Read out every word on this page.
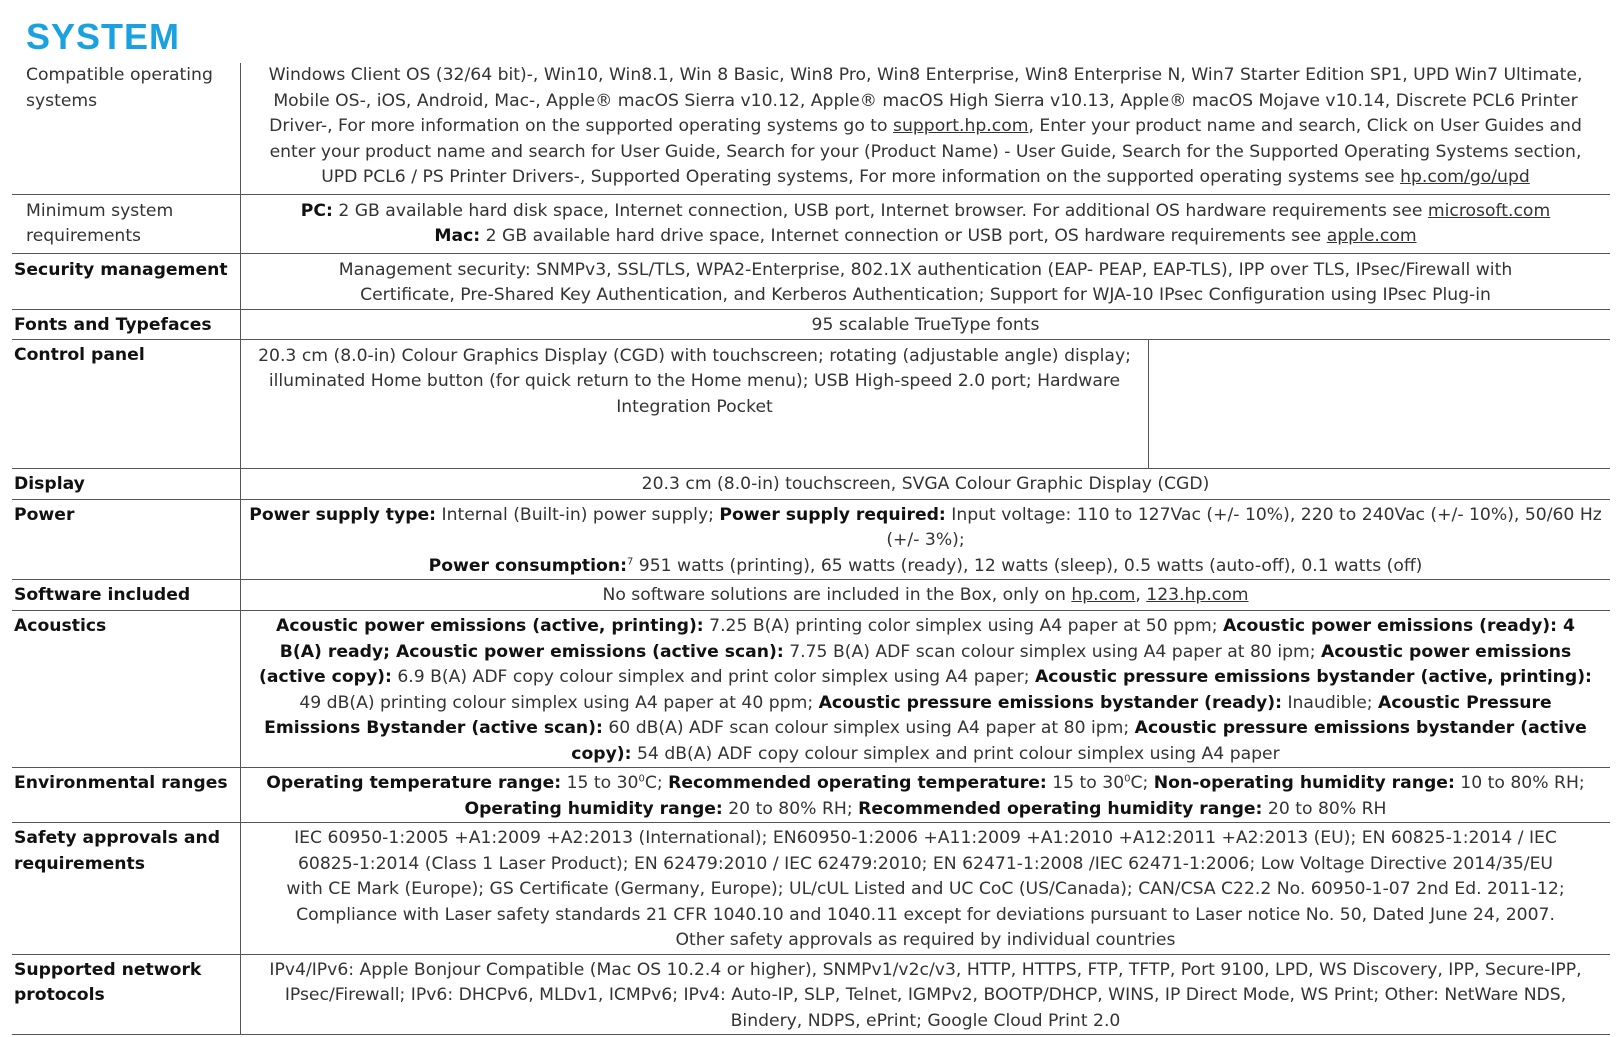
SYSTEM
Compatible operating systems	Windows Client OS (32/64 bit)-, Win10, Win8.1, Win 8 Basic, Win8 Pro, Win8 Enterprise, Win8 Enterprise N, Win7 Starter Edition SP1, UPD Win7 Ultimate, Mobile OS-, iOS, Android, Mac-, Apple® macOS Sierra v10.12, Apple® macOS High Sierra v10.13, Apple® macOS Mojave v10.14, Discrete PCL6 Printer Driver-, For more information on the supported operating systems go to support.hp.com, Enter your product name and search, Click on User Guides and enter your product name and search for User Guide, Search for your (Product Name) - User Guide, Search for the Supported Operating Systems section, UPD PCL6 / PS Printer Drivers-, Supported Operating systems, For more information on the supported operating systems see hp.com/go/upd
Minimum system requirements	PC: 2 GB available hard disk space, Internet connection, USB port, Internet browser. For additional OS hardware requirements see microsoft.com
Mac: 2 GB available hard drive space, Internet connection or USB port, OS hardware requirements see apple.com
Security management	Management security: SNMPv3, SSL/TLS, WPA2-Enterprise, 802.1X authentication (EAP- PEAP, EAP-TLS), IPP over TLS, IPsec/Firewall with Certificate, Pre-Shared Key Authentication, and Kerberos Authentication; Support for WJA-10 IPsec Configuration using IPsec Plug-in
Fonts and Typefaces	95 scalable TrueType fonts
Control panel	20.3 cm (8.0-in) Colour Graphics Display (CGD) with touchscreen; rotating (adjustable angle) display; illuminated Home button (for quick return to the Home menu); USB High-speed 2.0 port; Hardware Integration Pocket

Display	20.3 cm (8.0-in) touchscreen, SVGA Colour Graphic Display (CGD)
Power	Power supply type: Internal (Built-in) power supply; Power supply required: Input voltage: 110 to 127Vac (+/- 10%), 220 to 240Vac (+/- 10%), 50/60 Hz (+/- 3%);
Power consumption:$^7$ 951 watts (printing), 65 watts (ready), 12 watts (sleep), 0.5 watts (auto-off), 0.1 watts (off)
Software included	No software solutions are included in the Box, only on hp.com, 123.hp.com
Acoustics	Acoustic power emissions (active, printing): 7.25 B(A) printing color simplex using A4 paper at 50 ppm; Acoustic power emissions (ready): 4 B(A) ready; Acoustic power emissions (active scan): 7.75 B(A) ADF scan colour simplex using A4 paper at 80 ipm; Acoustic power emissions (active copy): 6.9 B(A) ADF copy colour simplex and print color simplex using A4 paper; Acoustic pressure emissions bystander (active, printing): 49 dB(A) printing colour simplex using A4 paper at 40 ppm; Acoustic pressure emissions bystander (ready): Inaudible; Acoustic Pressure Emissions Bystander (active scan): 60 dB(A) ADF scan colour simplex using A4 paper at 80 ipm; Acoustic pressure emissions bystander (active copy): 54 dB(A) ADF copy colour simplex and print colour simplex using A4 paper
Environmental ranges	Operating temperature range: 15 to $30^0C$; Recommended operating temperature: 15 to $30^0C$; Non-operating humidity range: 10 to 80% RH;
Operating humidity range: 20 to 80% RH; Recommended operating humidity range: 20 to 80% RH
Safety approvals and requirements	IEC 60950-1:2005 +A1:2009 +A2:2013 (International); EN60950-1:2006 +A11:2009 +A1:2010 +A12:2011 +A2:2013 (EU); EN 60825-1:2014 / IEC 60825-1:2014 (Class 1 Laser Product); EN 62479:2010 / IEC 62479:2010; EN 62471-1:2008 /IEC 62471-1:2006; Low Voltage Directive 2014/35/EU with CE Mark (Europe); GS Certificate (Germany, Europe); UL/cUL Listed and UC CoC (US/Canada); CAN/CSA C22.2 No. 60950-1-07 2nd Ed. 2011-12; Compliance with Laser safety standards 21 CFR 1040.10 and 1040.11 except for deviations pursuant to Laser notice No. 50, Dated June 24, 2007. Other safety approvals as required by individual countries
Supported network protocols	IPv4/IPv6: Apple Bonjour Compatible (Mac OS 10.2.4 or higher), SNMPv1/v2c/v3, HTTP, HTTPS, FTP, TFTP, Port 9100, LPD, WS Discovery, IPP, Secure-IPP, IPsec/Firewall; IPv6: DHCPv6, MLDv1, ICMPv6; IPv4: Auto-IP, SLP, Telnet, IGMPv2, BOOTP/DHCP, WINS, IP Direct Mode, WS Print; Other: NetWare NDS, Bindery, NDPS, ePrint; Google Cloud Print 2.0
